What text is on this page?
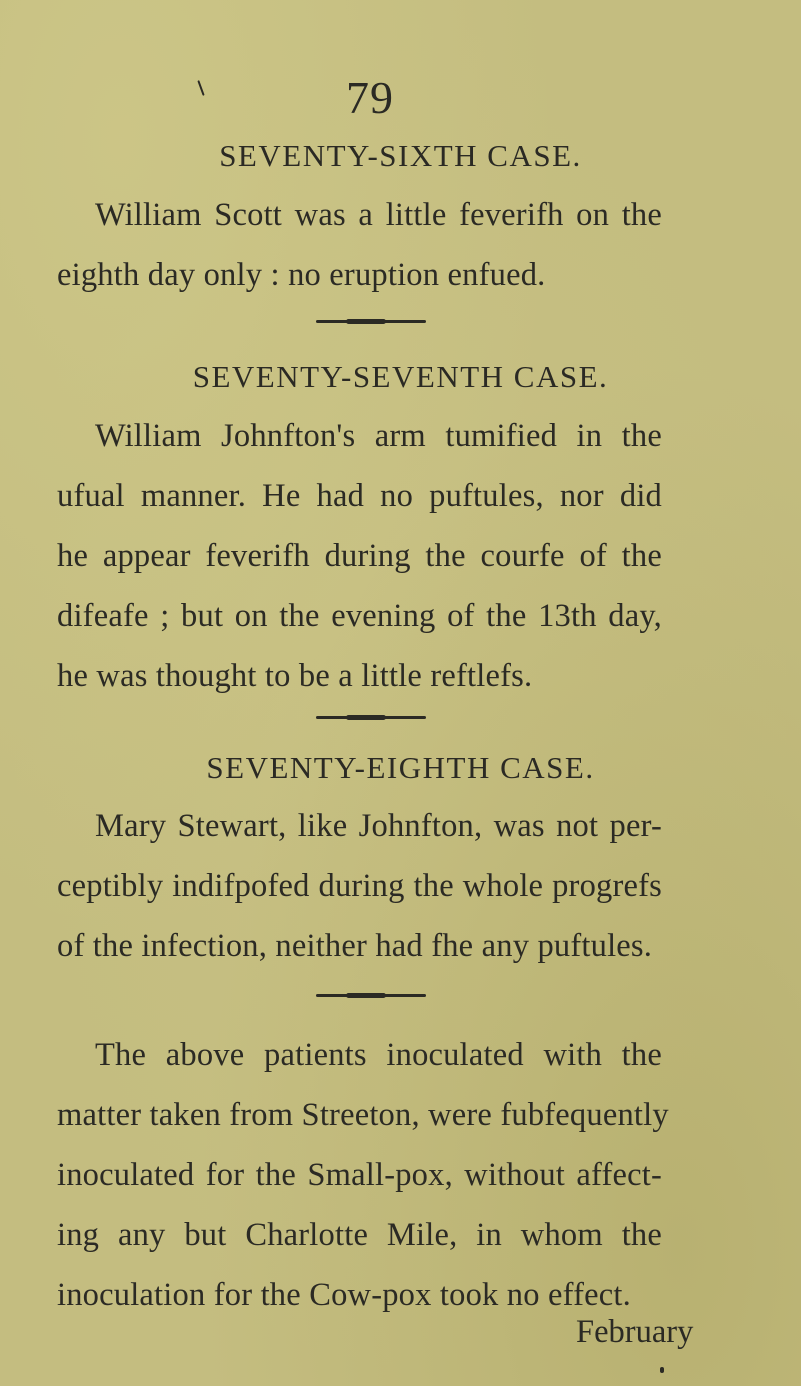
79
SEVENTY-SIXTH CASE.
William Scott was a little feverifh on the
eighth day only : no eruption enfued.
SEVENTY-SEVENTH CASE.
William Johnfton's arm tumified in the
ufual manner. He had no puftules, nor did
he appear feverifh during the courfe of the
difeafe ; but on the evening of the 13th day,
he was thought to be a little reftlefs.
SEVENTY-EIGHTH CASE.
Mary Stewart, like Johnfton, was not per-
ceptibly indifpofed during the whole progrefs
of the infection, neither had fhe any puftules.
The above patients inoculated with the
matter taken from Streeton, were fubfequently
inoculated for the Small-pox, without affect-
ing any but Charlotte Mile, in whom the
inoculation for the Cow-pox took no effect.
February
